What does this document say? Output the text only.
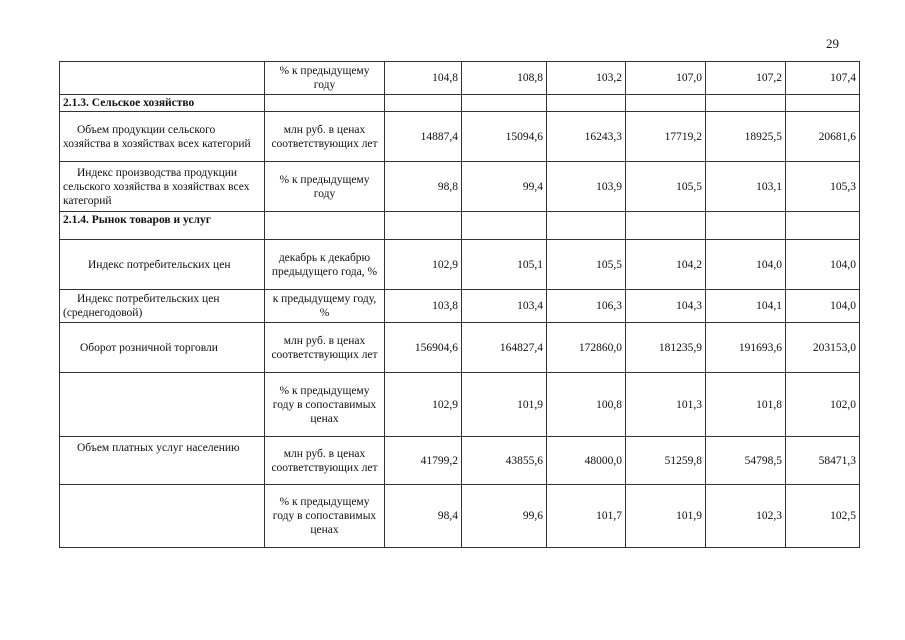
29
	% к предыдущему году	104,8	108,8	103,2	107,0	107,2	107,4
2.1.3. Сельское хозяйство							
Объем продукции сельского хозяйства в хозяйствах всех категорий	млн руб. в ценах соответствующих лет	14887,4	15094,6	16243,3	17719,2	18925,5	20681,6
Индекс производства продукции сельского хозяйства в хозяйствах всех категорий	% к предыдущему году	98,8	99,4	103,9	105,5	103,1	105,3
2.1.4. Рынок товаров и услуг							
Индекс потребительских цен	декабрь к декабрю предыдущего года, %	102,9	105,1	105,5	104,2	104,0	104,0
Индекс потребительских цен (среднегодовой)	к предыдущему году, %	103,8	103,4	106,3	104,3	104,1	104,0
Оборот розничной торговли	млн руб. в ценах соответствующих лет	156904,6	164827,4	172860,0	181235,9	191693,6	203153,0
	% к предыдущему году в сопоставимых ценах	102,9	101,9	100,8	101,3	101,8	102,0
Объем платных услуг населению	млн руб. в ценах соответствующих лет	41799,2	43855,6	48000,0	51259,8	54798,5	58471,3
	% к предыдущему году в сопоставимых ценах	98,4	99,6	101,7	101,9	102,3	102,5
